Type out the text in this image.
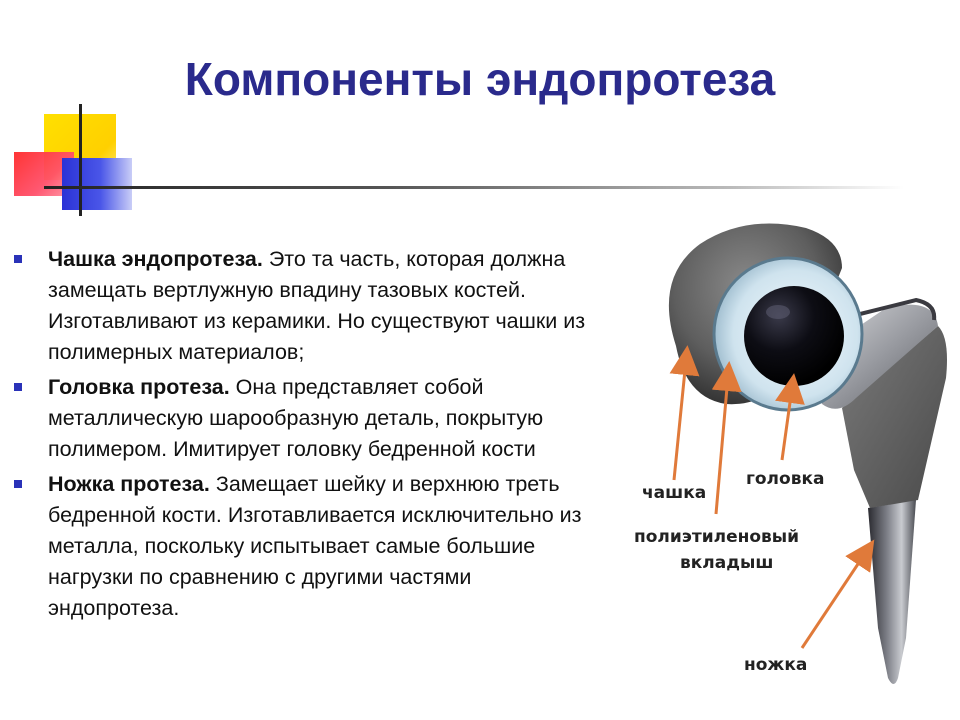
Компоненты эндопротеза
Чашка эндопротеза. Это та часть, которая должна замещать вертлужную впадину тазовых костей. Изготавливают из керамики. Но существуют чашки из полимерных материалов;
Головка протеза. Она представляет собой металлическую шарообразную деталь, покрытую полимером. Имитирует головку бедренной кости
Ножка протеза. Замещает шейку и верхнюю треть бедренной кости. Изготавливается исключительно из металла, поскольку испытывает самые большие нагрузки по сравнению с другими частями эндопротеза.
чашка
головка
полиэтиленовый
вкладыш
ножка
